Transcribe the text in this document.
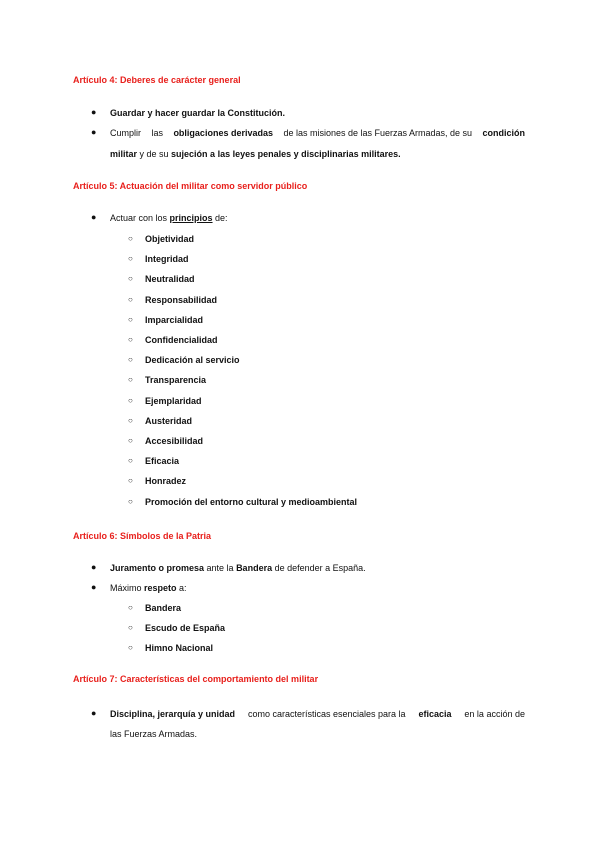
Artículo 4: Deberes de carácter general
● Guardar y hacer guardar la Constitución.
● Cumplir las obligaciones derivadas de las misiones de las Fuerzas Armadas, de su condición
militar y de su sujeción a las leyes penales y disciplinarias militares.
Artículo 5: Actuación del militar como servidor público
● Actuar con los principios de:
○ Objetividad
○ Integridad
○ Neutralidad
○ Responsabilidad
○ Imparcialidad
○ Confidencialidad
○ Dedicación al servicio
○ Transparencia
○ Ejemplaridad
○ Austeridad
○ Accesibilidad
○ Eficacia
○ Honradez
○ Promoción del entorno cultural y medioambiental
Artículo 6: Símbolos de la Patria
● Juramento o promesa ante la Bandera de defender a España.
● Máximo respeto a:
○ Bandera
○ Escudo de España
○ Himno Nacional
Artículo 7: Características del comportamiento del militar
● Disciplina, jerarquía y unidad como características esenciales para la eficacia en la acción de
las Fuerzas Armadas.
